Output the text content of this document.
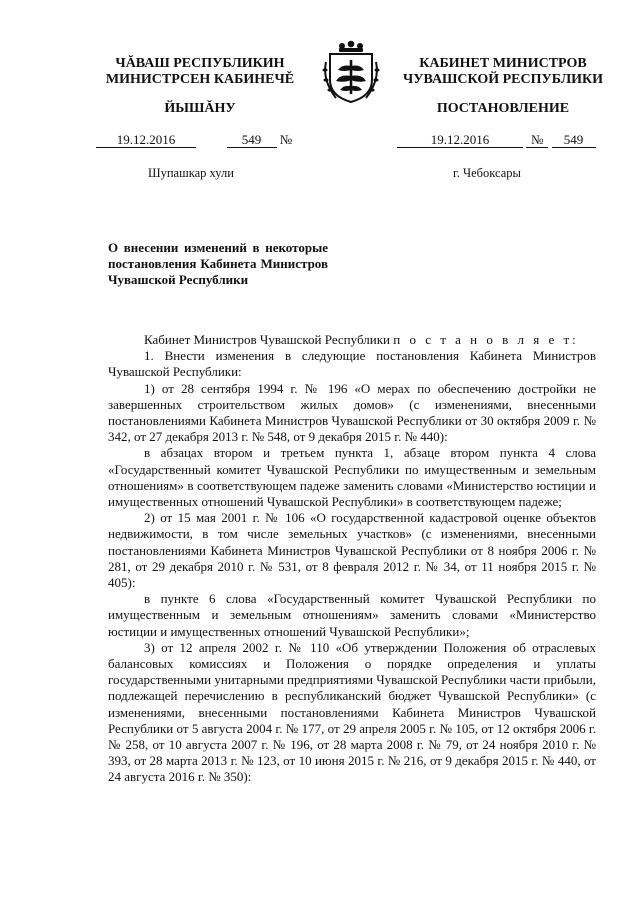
ЧĂВАШ РЕСПУБЛИКИН
МИНИСТРСЕН КАБИНЕЧĚ
ЙЫШĂНУ
КАБИНЕТ МИНИСТРОВ
ЧУВАШСКОЙ РЕСПУБЛИКИ
ПОСТАНОВЛЕНИЕ
19.12.2016	549 №	19.12.2016	№ 549
Шупашкар хули	г. Чебоксары
О внесении изменений в некоторые постановления Кабинета Министров Чувашской Республики

Кабинет Министров Чувашской Республики п о с т а н о в л я е т:

1. Внести изменения в следующие постановления Кабинета Министров Чувашской Республики:

1) от 28 сентября 1994 г. № 196 «О мерах по обеспечению достройки не завершенных строительством жилых домов» (с изменениями, внесенными постановлениями Кабинета Министров Чувашской Республики от 30 октября 2009 г. № 342, от 27 декабря 2013 г. № 548, от 9 декабря 2015 г. № 440):

в абзацах втором и третьем пункта 1, абзаце втором пункта 4 слова «Государственный комитет Чувашской Республики по имущественным и земельным отношениям» в соответствующем падеже заменить словами «Министерство юстиции и имущественных отношений Чувашской Республики» в соответствующем падеже;

2) от 15 мая 2001 г. № 106 «О государственной кадастровой оценке объектов недвижимости, в том числе земельных участков» (с изменениями, внесенными постановлениями Кабинета Министров Чувашской Республики от 8 ноября 2006 г. № 281, от 29 декабря 2010 г. № 531, от 8 февраля 2012 г. № 34, от 11 ноября 2015 г. № 405):

в пункте 6 слова «Государственный комитет Чувашской Республики по имущественным и земельным отношениям» заменить словами «Министерство юстиции и имущественных отношений Чувашской Республики»;

3) от 12 апреля 2002 г. № 110 «Об утверждении Положения об отраслевых балансовых комиссиях и Положения о порядке определения и уплаты государственными унитарными предприятиями Чувашской Республики части прибыли, подлежащей перечислению в республиканский бюджет Чувашской Республики» (с изменениями, внесенными постановлениями Кабинета Министров Чувашской Республики от 5 августа 2004 г. № 177, от 29 апреля 2005 г. № 105, от 12 октября 2006 г. № 258, от 10 августа 2007 г. № 196, от 28 марта 2008 г. № 79, от 24 ноября 2010 г. № 393, от 28 марта 2013 г. № 123, от 10 июня 2015 г. № 216, от 9 декабря 2015 г. № 440, от 24 августа 2016 г. № 350):
